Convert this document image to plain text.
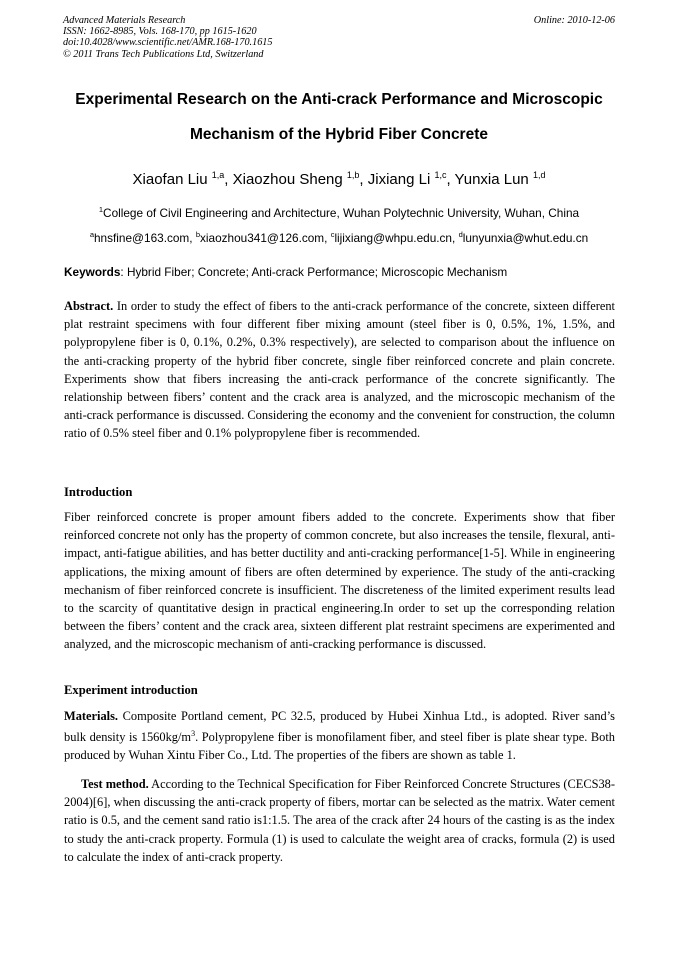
Advanced Materials Research
ISSN: 1662-8985, Vols. 168-170, pp 1615-1620
doi:10.4028/www.scientific.net/AMR.168-170.1615
© 2011 Trans Tech Publications Ltd, Switzerland
Online: 2010-12-06
Experimental Research on the Anti-crack Performance and Microscopic
Mechanism of the Hybrid Fiber Concrete
Xiaofan Liu $^{1,a}$, Xiaozhou Sheng $^{1,b}$, Jixiang Li $^{1,c}$, Yunxia Lun $^{1,d}$
$^1$College of Civil Engineering and Architecture, Wuhan Polytechnic University, Wuhan, China
$^a$hnsfine@163.com, $^b$xiaozhou341@126.com, $^c$lijixiang@whpu.edu.cn, $^d$lunyunxia@whut.edu.cn
Keywords: Hybrid Fiber; Concrete; Anti-crack Performance; Microscopic Mechanism

Abstract. In order to study the effect of fibers to the anti-crack performance of the concrete, sixteen different plat restraint specimens with four different fiber mixing amount (steel fiber is 0, 0.5%, 1%, 1.5%, and polypropylene fiber is 0, 0.1%, 0.2%, 0.3% respectively), are selected to comparison about the influence on the anti-cracking property of the hybrid fiber concrete, single fiber reinforced concrete and plain concrete. Experiments show that fibers increasing the anti-crack performance of the concrete significantly. The relationship between fibers’ content and the crack area is analyzed, and the microscopic mechanism of the anti-crack performance is discussed. Considering the economy and the convenient for construction, the column ratio of 0.5% steel fiber and 0.1% polypropylene fiber is recommended.

Introduction

Fiber reinforced concrete is proper amount fibers added to the concrete. Experiments show that fiber reinforced concrete not only has the property of common concrete, but also increases the tensile, flexural, anti-impact, anti-fatigue abilities, and has better ductility and anti-cracking performance[1-5]. While in engineering applications, the mixing amount of fibers are often determined by experience. The study of the anti-cracking mechanism of fiber reinforced concrete is insufficient. The discreteness of the limited experiment results lead to the scarcity of quantitative design in practical engineering.In order to set up the corresponding relation between the fibers’ content and the crack area, sixteen different plat restraint specimens are experimented and analyzed, and the microscopic mechanism of anti-cracking performance is discussed.

Experiment introduction

Materials. Composite Portland cement, PC 32.5, produced by Hubei Xinhua Ltd., is adopted. River sand’s bulk density is $1560kg/m^3$. Polypropylene fiber is monofilament fiber, and steel fiber is plate shear type. Both produced by Wuhan Xintu Fiber Co., Ltd. The properties of the fibers are shown as table 1.

Test method. According to the Technical Specification for Fiber Reinforced Concrete Structures (CECS38-2004)[6], when discussing the anti-crack property of fibers, mortar can be selected as the matrix. Water cement ratio is 0.5, and the cement sand ratio is1:1.5. The area of the crack after 24 hours of the casting is as the index to study the anti-crack property. Formula (1) is used to calculate the weight area of cracks, formula (2) is used to calculate the index of anti-crack property.
